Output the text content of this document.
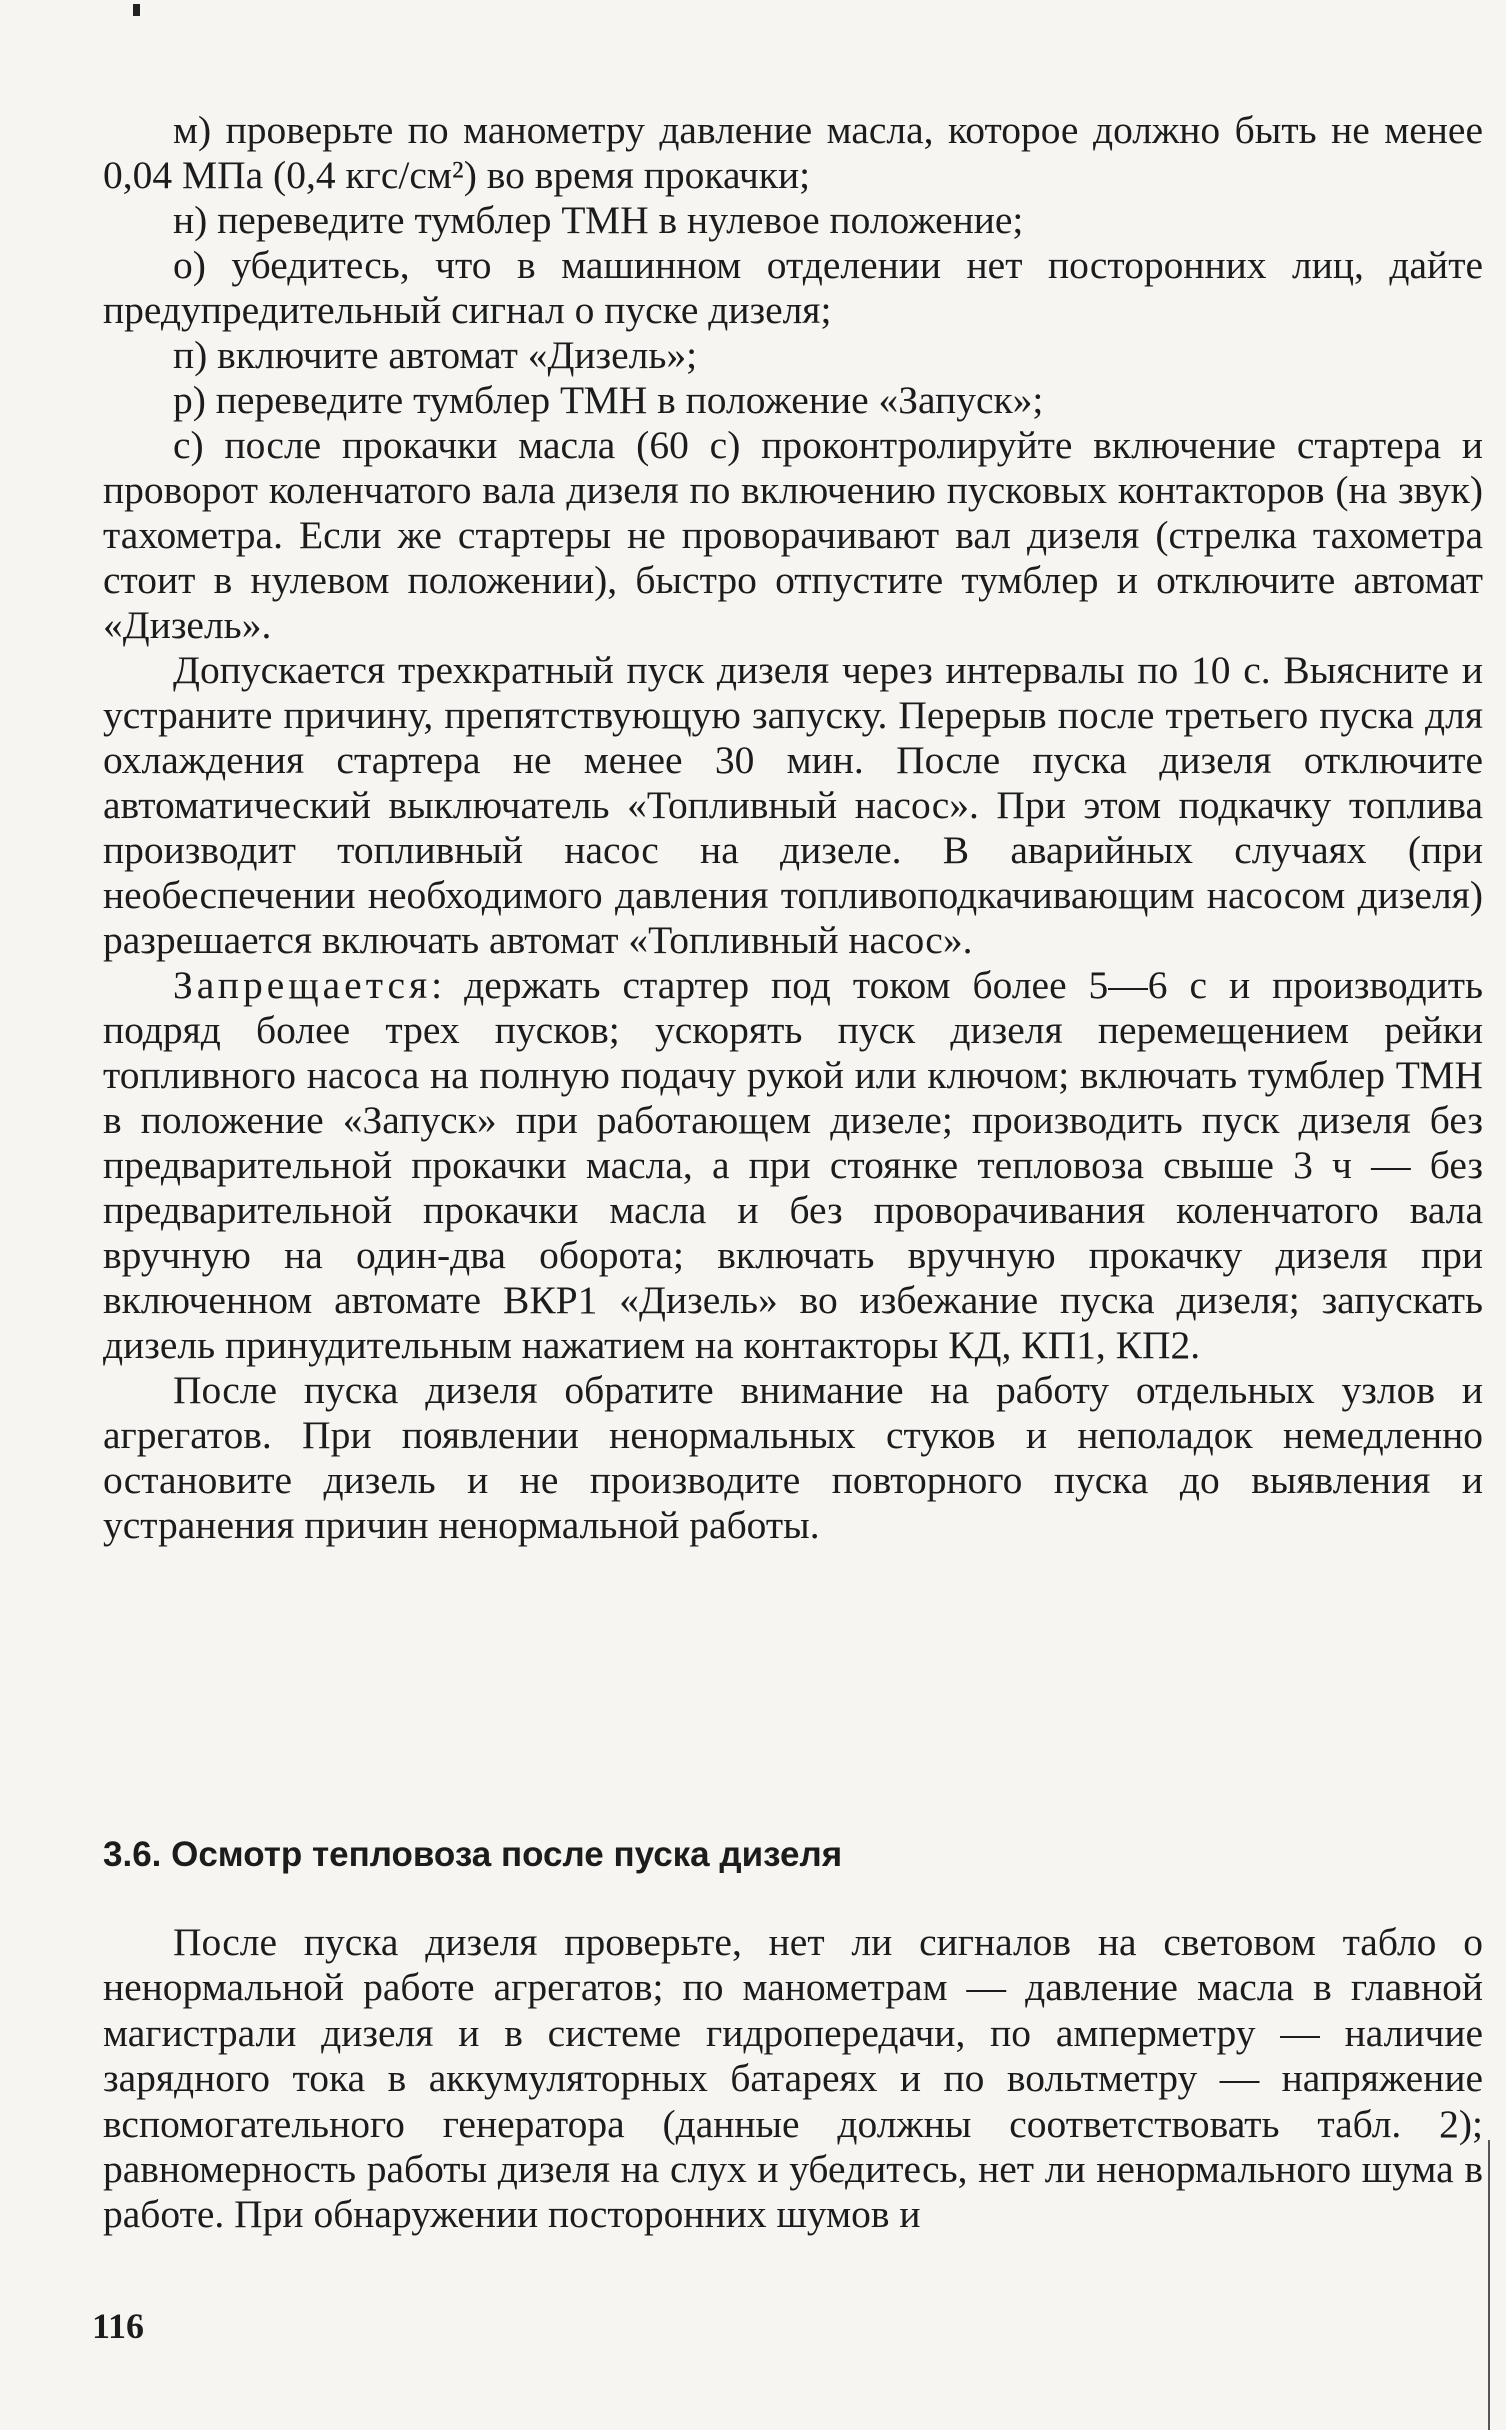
м) проверьте по манометру давление масла, которое должно быть не менее 0,04 МПа (0,4 кгс/см²) во время прокачки;

н) переведите тумблер ТМН в нулевое положение;

о) убедитесь, что в машинном отделении нет посторонних лиц, дайте предупредительный сигнал о пуске дизеля;

п) включите автомат «Дизель»;

р) переведите тумблер ТМН в положение «Запуск»;

с) после прокачки масла (60 с) проконтролируйте включение стартера и проворот коленчатого вала дизеля по включению пусковых контакторов (на звук) тахометра. Если же стартеры не проворачивают вал дизеля (стрелка тахометра стоит в нулевом положении), быстро отпустите тумблер и отключите автомат «Дизель».

Допускается трехкратный пуск дизеля через интервалы по 10 с. Выясните и устраните причину, препятствующую запуску. Перерыв после третьего пуска для охлаждения стартера не менее 30 мин. После пуска дизеля отключите автоматический выключатель «Топливный насос». При этом подкачку топлива производит топливный насос на дизеле. В аварийных случаях (при необеспечении необходимого давления топливоподкачивающим насосом дизеля) разрешается включать автомат «Топливный насос».

Запрещается: держать стартер под током более 5—6 с и производить подряд более трех пусков; ускорять пуск дизеля перемещением рейки топливного насоса на полную подачу рукой или ключом; включать тумблер ТМН в положение «Запуск» при работающем дизеле; производить пуск дизеля без предварительной прокачки масла, а при стоянке тепловоза свыше 3 ч — без предварительной прокачки масла и без проворачивания коленчатого вала вручную на один-два оборота; включать вручную прокачку дизеля при включенном автомате ВКР1 «Дизель» во избежание пуска дизеля; запускать дизель принудительным нажатием на контакторы КД, КП1, КП2.

После пуска дизеля обратите внимание на работу отдельных узлов и агрегатов. При появлении ненормальных стуков и неполадок немедленно остановите дизель и не производите повторного пуска до выявления и устранения причин ненормальной работы.

3.6. Осмотр тепловоза после пуска дизеля

После пуска дизеля проверьте, нет ли сигналов на световом табло о ненормальной работе агрегатов; по манометрам — давление масла в главной магистрали дизеля и в системе гидропередачи, по амперметру — наличие зарядного тока в аккумуляторных батареях и по вольтметру — напряжение вспомогательного генератора (данные должны соответствовать табл. 2); равномерность работы дизеля на слух и убедитесь, нет ли ненормального шума в работе. При обнаружении посторонних шумов и

116
